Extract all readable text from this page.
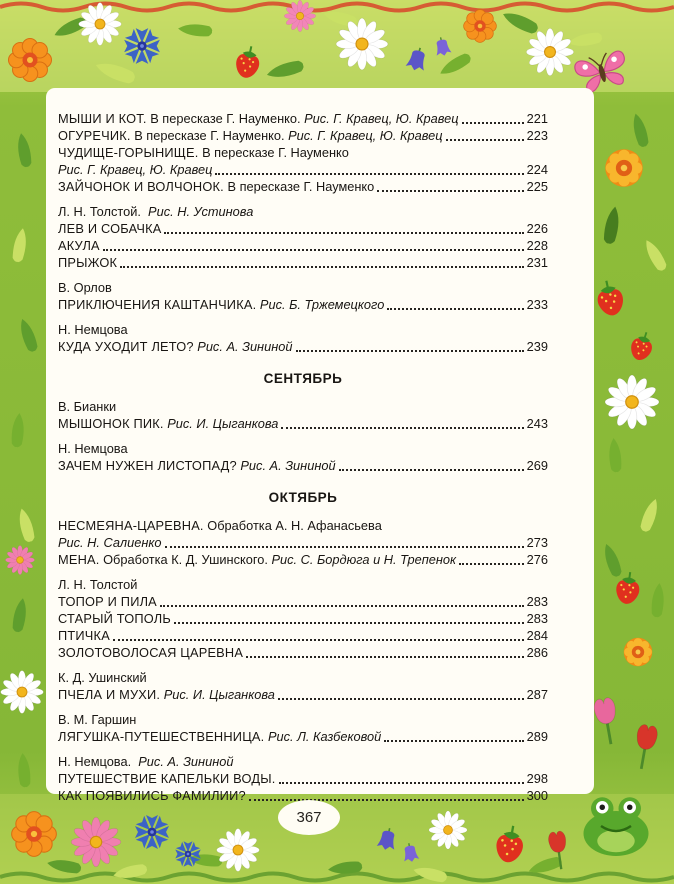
МЫШИ И КОТ. В пересказе Г. Науменко. Рис. Г. Кравец, Ю. Кравец	221
ОГУРЕЧИК. В пересказе Г. Науменко. Рис. Г. Кравец, Ю. Кравец	223
ЧУДИЩЕ-ГОРЫНИЩЕ. В пересказе Г. Науменко
Рис. Г. Кравец, Ю. Кравец	224
ЗАЙЧОНОК И ВОЛЧОНОК. В пересказе Г. Науменко	225
Л. Н. Толстой.  Рис. Н. Устинова
ЛЕВ И СОБАЧКА	226
АКУЛА	228
ПРЫЖОК	231
В. Орлов
ПРИКЛЮЧЕНИЯ КАШТАНЧИКА.
Рис. Б. Тржемецкого	233
Н. Немцова
КУДА УХОДИТ ЛЕТО?
Рис. А. Зининой	239
СЕНТЯБРЬ
В. Бианки
МЫШОНОК ПИК.
Рис. И. Цыганкова	243
Н. Немцова
ЗАЧЕМ НУЖЕН ЛИСТОПАД?
Рис. А. Зининой	269
ОКТЯБРЬ
НЕСМЕЯНА-ЦАРЕВНА. Обработка А. Н. Афанасьева
Рис. Н. Салиенко	273
МЕНА. Обработка К. Д. Ушинского. Рис. С. Бордюга и Н. Трепенок	276
Л. Н. Толстой
ТОПОР И ПИЛА	283
СТАРЫЙ ТОПОЛЬ	283
ПТИЧКА	284
ЗОЛОТОВОЛОСАЯ ЦАРЕВНА	286
К. Д. Ушинский
ПЧЕЛА И МУХИ.
Рис. И. Цыганкова	287
В. М. Гаршин
ЛЯГУШКА-ПУТЕШЕСТВЕННИЦА.
Рис. Л. Казбековой	289
Н. Немцова.  Рис. А. Зининой
ПУТЕШЕСТВИЕ КАПЕЛЬКИ ВОДЫ.	298
КАК ПОЯВИЛИСЬ ФАМИЛИИ?	300
367
